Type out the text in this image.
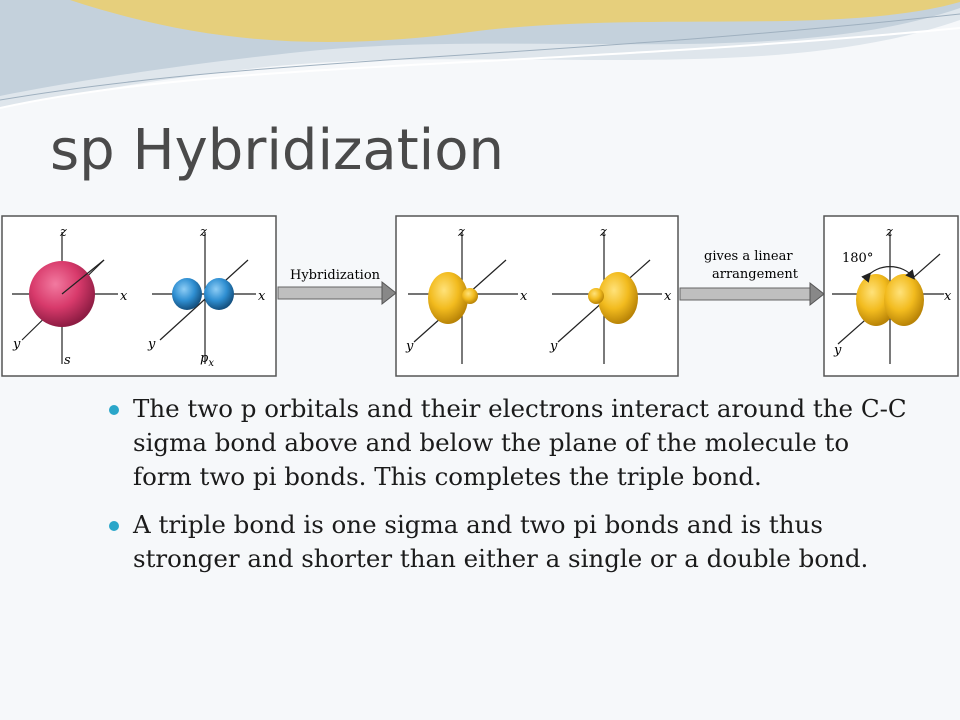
sp Hybridization
z
x
y
s
z
x
y
$p_x$
Hybridization
z
x
y
z
x
y
gives a linear
arrangement
180°
z
x
y
The two p orbitals and their electrons interact around the C-C sigma bond above and below the plane of the molecule to form two pi bonds. This completes the triple bond.
A triple bond is one sigma and two pi bonds and is thus stronger and shorter than either a single or a double bond.
